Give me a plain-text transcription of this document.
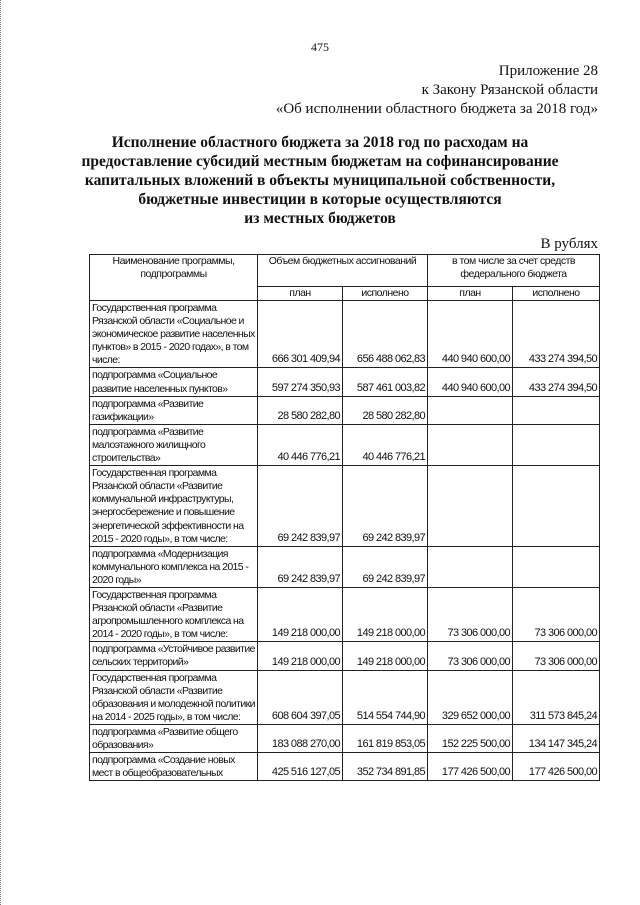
475
Приложение 28
к Закону Рязанской области
«Об исполнении областного бюджета за 2018 год»
Исполнение областного бюджета за 2018 год по расходам на
предоставление субсидий местным бюджетам на софинансирование
капитальных вложений в объекты муниципальной собственности,
бюджетные инвестиции в которые осуществляются
из местных бюджетов
В рублях
Наименование программы, подпрограммы	Объем бюджетных ассигнований		в том числе за счет средств федерального бюджета	
	план	исполнено	план	исполнено
Государственная программа Рязанской области «Социальное и экономическое развитие населенных пунктов» в 2015 - 2020 годах», в том числе:	666 301 409,94	656 488 062,83	440 940 600,00	433 274 394,50
подпрограмма «Социальное развитие населенных пунктов»	597 274 350,93	587 461 003,82	440 940 600,00	433 274 394,50
подпрограмма «Развитие газификации»	28 580 282,80	28 580 282,80		
подпрограмма «Развитие малоэтажного жилищного строительства»	40 446 776,21	40 446 776,21		
Государственная программа Рязанской области «Развитие коммунальной инфраструктуры, энергосбережение и повышение энергетической эффективности на 2015 - 2020 годы», в том числе:	69 242 839,97	69 242 839,97		
подпрограмма «Модернизация коммунального комплекса на 2015 - 2020 годы»	69 242 839,97	69 242 839,97		
Государственная программа Рязанской области «Развитие агропромышленного комплекса на 2014 - 2020 годы», в том числе:	149 218 000,00	149 218 000,00	73 306 000,00	73 306 000,00
подпрограмма «Устойчивое развитие сельских территорий»	149 218 000,00	149 218 000,00	73 306 000,00	73 306 000,00
Государственная программа Рязанской области «Развитие образования и молодежной политики на 2014 - 2025 годы», в том числе:	608 604 397,05	514 554 744,90	329 652 000,00	311 573 845,24
подпрограмма «Развитие общего образования»	183 088 270,00	161 819 853,05	152 225 500,00	134 147 345,24
подпрограмма «Создание новых мест в общеобразовательных	425 516 127,05	352 734 891,85	177 426 500,00	177 426 500,00
